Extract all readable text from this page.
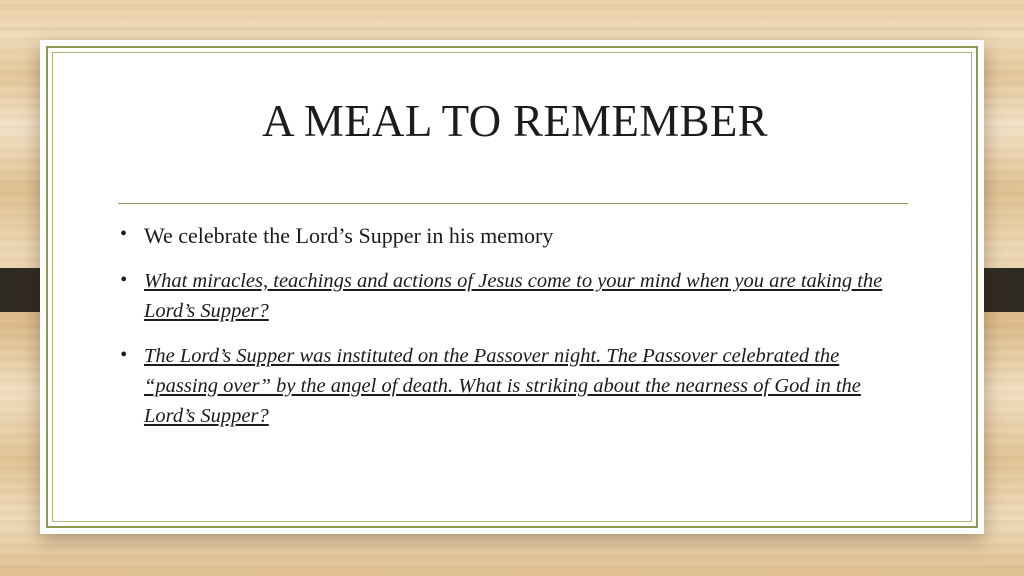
A MEAL TO REMEMBER
• We celebrate the Lord’s Supper in his memory
• What miracles, teachings and actions of Jesus come to your mind when you are taking the Lord’s Supper?
• The Lord’s Supper was instituted on the Passover night. The Passover celebrated the “passing over” by the angel of death. What is striking about the nearness of God in the Lord’s Supper?
